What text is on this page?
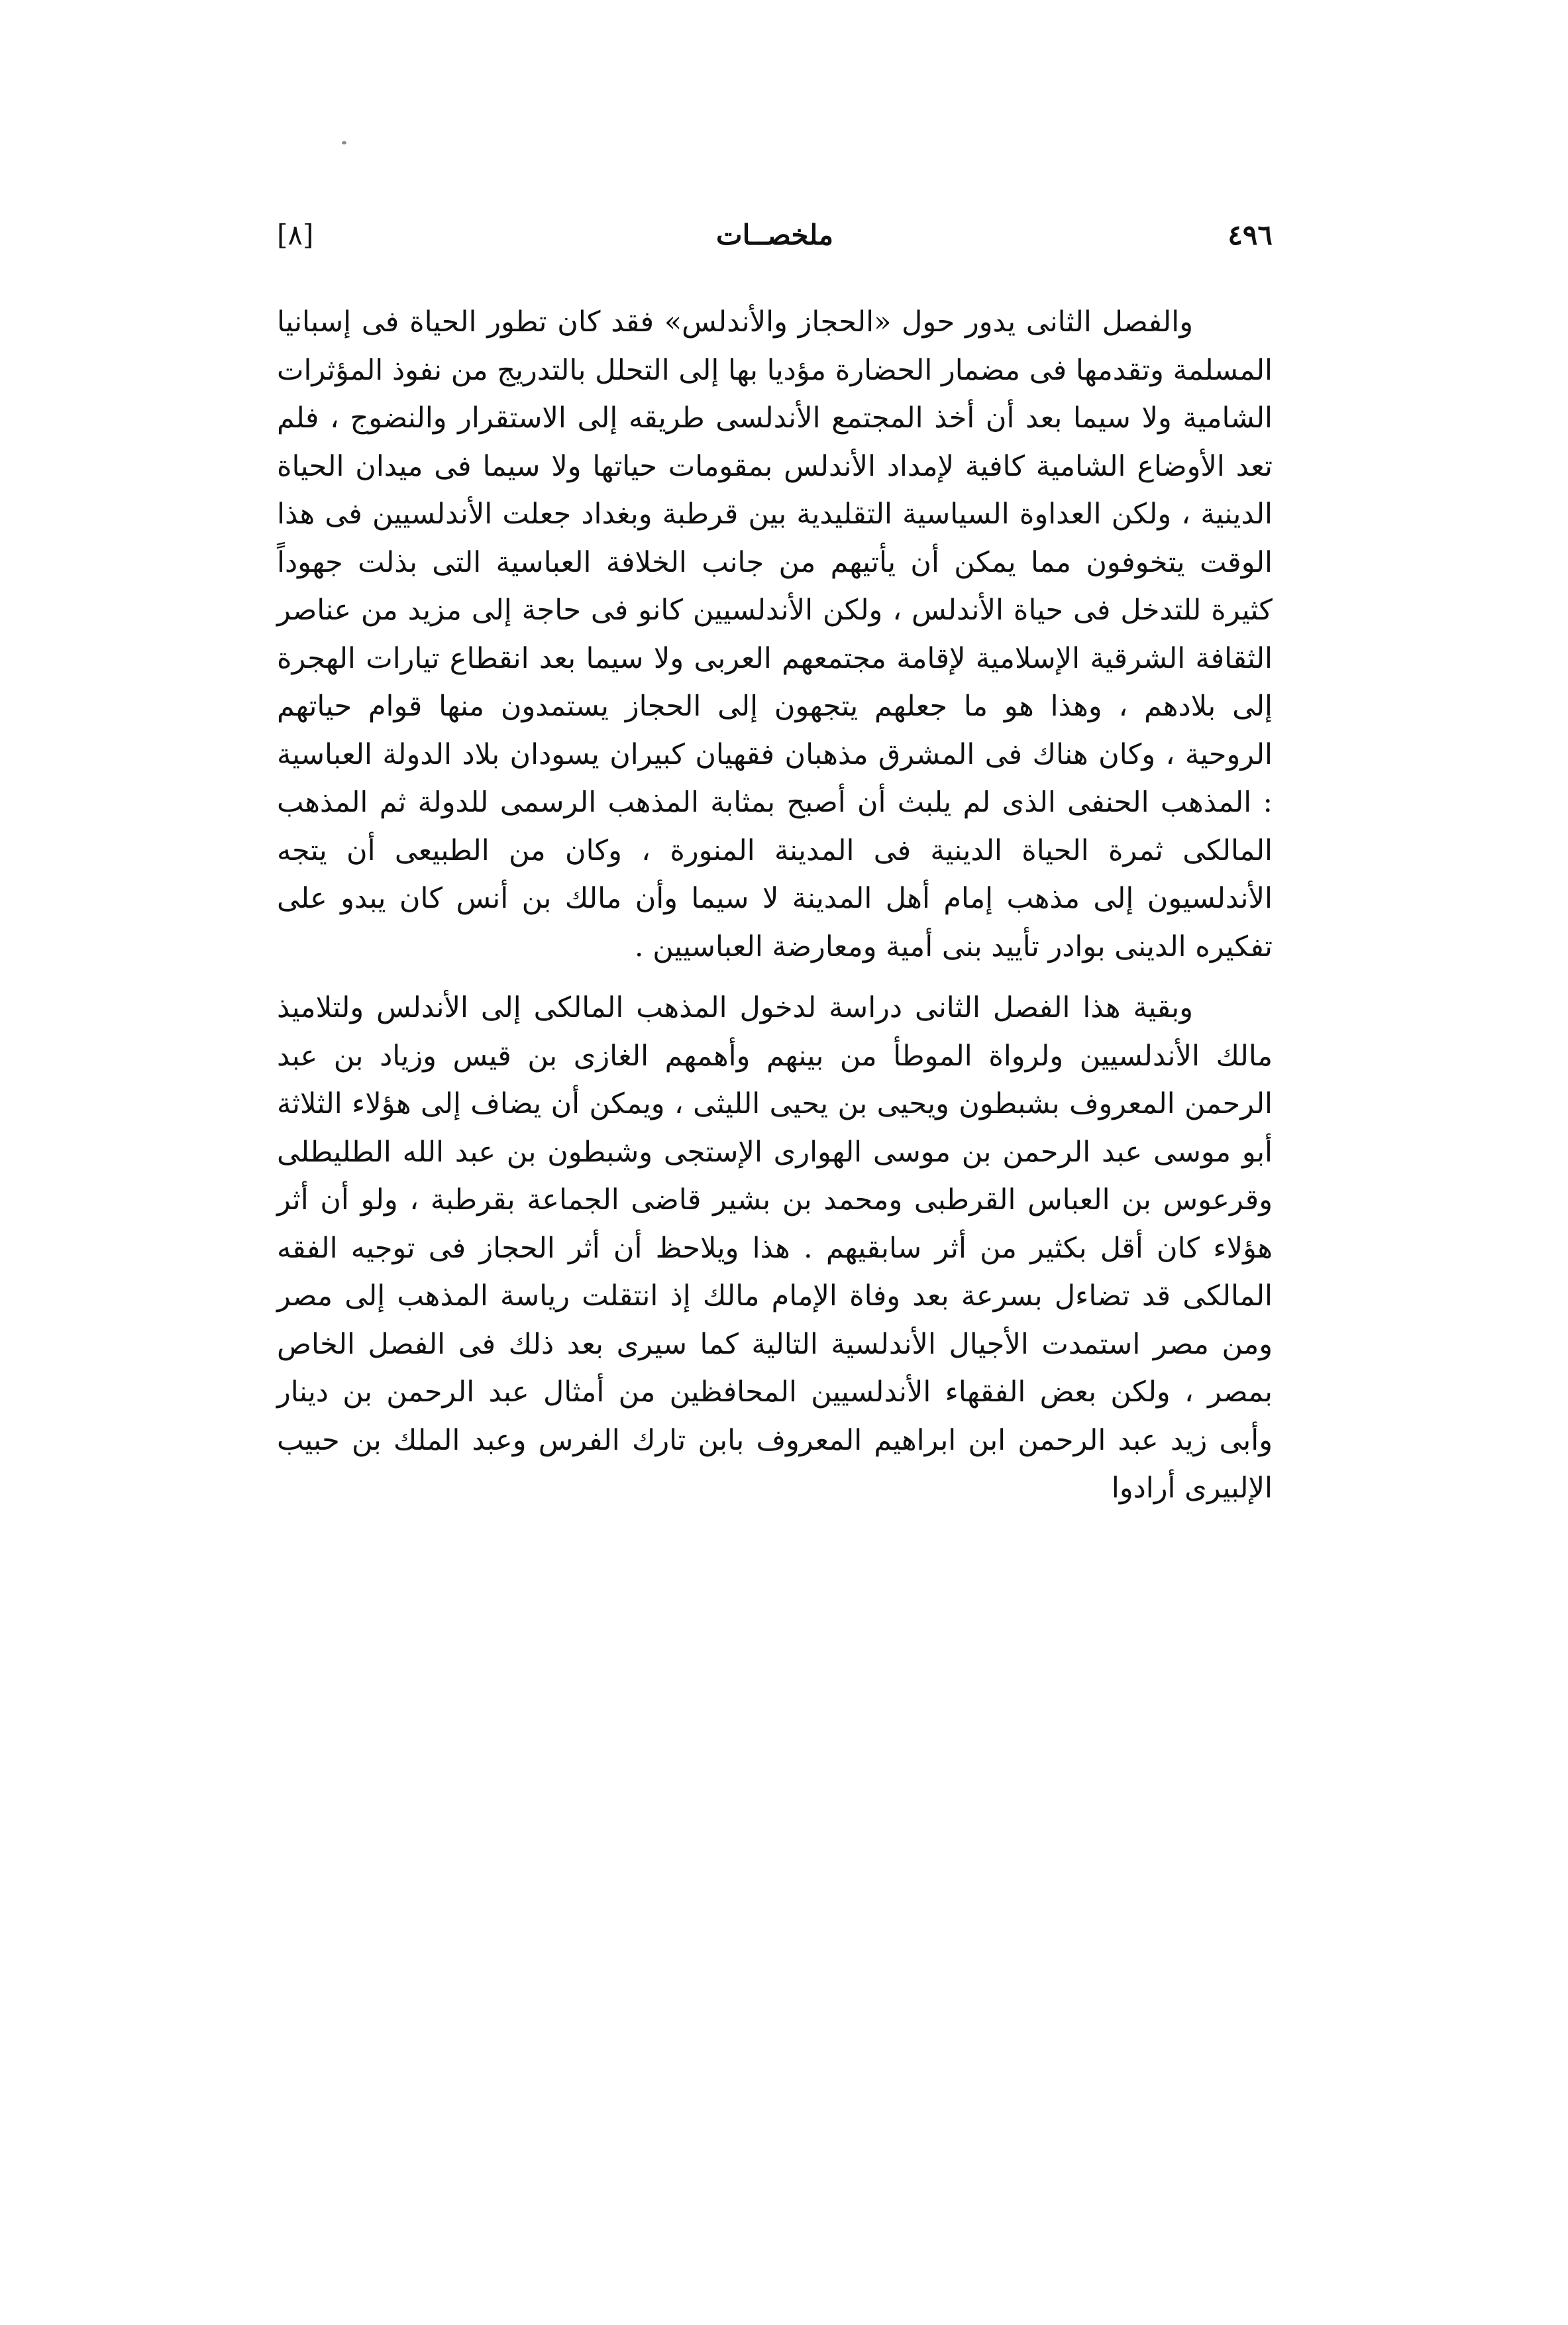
٤٩٦
ملخصــات
[٨]

والفصل الثانى يدور حول «الحجاز والأندلس» فقد كان تطور الحياة فى إسبانيا المسلمة وتقدمها فى مضمار الحضارة مؤديا بها إلى التحلل بالتدريج من نفوذ المؤثرات الشامية ولا سيما بعد أن أخذ المجتمع الأندلسى طريقه إلى الاستقرار والنضوج ، فلم تعد الأوضاع الشامية كافية لإمداد الأندلس بمقومات حياتها ولا سيما فى ميدان الحياة الدينية ، ولكن العداوة السياسية التقليدية بين قرطبة وبغداد جعلت الأندلسيين فى هذا الوقت يتخوفون مما يمكن أن يأتيهم من جانب الخلافة العباسية التى بذلت جهوداً كثيرة للتدخل فى حياة الأندلس ، ولكن الأندلسيين كانو فى حاجة إلى مزيد من عناصر الثقافة الشرقية الإسلامية لإقامة مجتمعهم العربى ولا سيما بعد انقطاع تيارات الهجرة إلى بلادهم ، وهذا هو ما جعلهم يتجهون إلى الحجاز يستمدون منها قوام حياتهم الروحية ، وكان هناك فى المشرق مذهبان فقهيان كبيران يسودان بلاد الدولة العباسية : المذهب الحنفى الذى لم يلبث أن أصبح بمثابة المذهب الرسمى للدولة ثم المذهب المالكى ثمرة الحياة الدينية فى المدينة المنورة ، وكان من الطبيعى أن يتجه الأندلسيون إلى مذهب إمام أهل المدينة لا سيما وأن مالك بن أنس كان يبدو على تفكيره الدينى بوادر تأييد بنى أمية ومعارضة العباسيين .

وبقية هذا الفصل الثانى دراسة لدخول المذهب المالكى إلى الأندلس ولتلاميذ مالك الأندلسيين ولرواة الموطأ من بينهم وأهمهم الغازى بن قيس وزياد بن عبد الرحمن المعروف بشبطون ويحيى بن يحيى الليثى ، ويمكن أن يضاف إلى هؤلاء الثلاثة أبو موسى عبد الرحمن بن موسى الهوارى الإستجى وشبطون بن عبد الله الطليطلى وقرعوس بن العباس القرطبى ومحمد بن بشير قاضى الجماعة بقرطبة ، ولو أن أثر هؤلاء كان أقل بكثير من أثر سابقيهم . هذا ويلاحظ أن أثر الحجاز فى توجيه الفقه المالكى قد تضاءل بسرعة بعد وفاة الإمام مالك إذ انتقلت رياسة المذهب إلى مصر ومن مصر استمدت الأجيال الأندلسية التالية كما سيرى بعد ذلك فى الفصل الخاص بمصر ، ولكن بعض الفقهاء الأندلسيين المحافظين من أمثال عبد الرحمن بن دينار وأبى زيد عبد الرحمن ابن ابراهيم المعروف بابن تارك الفرس وعبد الملك بن حبيب الإلبيرى أرادوا
